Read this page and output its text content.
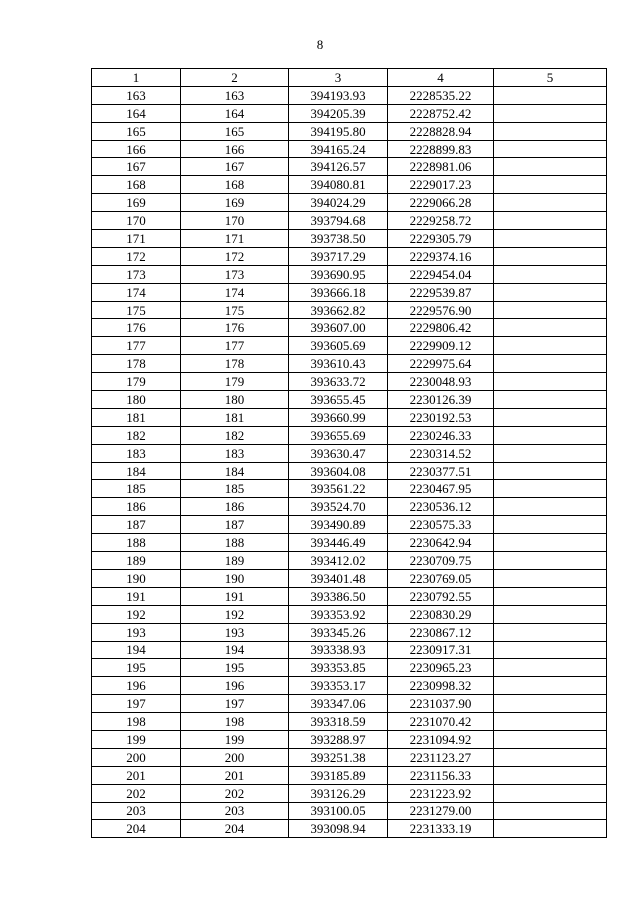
8
1	2	3	4	5
163	163	394193.93	2228535.22	
164	164	394205.39	2228752.42	
165	165	394195.80	2228828.94	
166	166	394165.24	2228899.83	
167	167	394126.57	2228981.06	
168	168	394080.81	2229017.23	
169	169	394024.29	2229066.28	
170	170	393794.68	2229258.72	
171	171	393738.50	2229305.79	
172	172	393717.29	2229374.16	
173	173	393690.95	2229454.04	
174	174	393666.18	2229539.87	
175	175	393662.82	2229576.90	
176	176	393607.00	2229806.42	
177	177	393605.69	2229909.12	
178	178	393610.43	2229975.64	
179	179	393633.72	2230048.93	
180	180	393655.45	2230126.39	
181	181	393660.99	2230192.53	
182	182	393655.69	2230246.33	
183	183	393630.47	2230314.52	
184	184	393604.08	2230377.51	
185	185	393561.22	2230467.95	
186	186	393524.70	2230536.12	
187	187	393490.89	2230575.33	
188	188	393446.49	2230642.94	
189	189	393412.02	2230709.75	
190	190	393401.48	2230769.05	
191	191	393386.50	2230792.55	
192	192	393353.92	2230830.29	
193	193	393345.26	2230867.12	
194	194	393338.93	2230917.31	
195	195	393353.85	2230965.23	
196	196	393353.17	2230998.32	
197	197	393347.06	2231037.90	
198	198	393318.59	2231070.42	
199	199	393288.97	2231094.92	
200	200	393251.38	2231123.27	
201	201	393185.89	2231156.33	
202	202	393126.29	2231223.92	
203	203	393100.05	2231279.00	
204	204	393098.94	2231333.19	
